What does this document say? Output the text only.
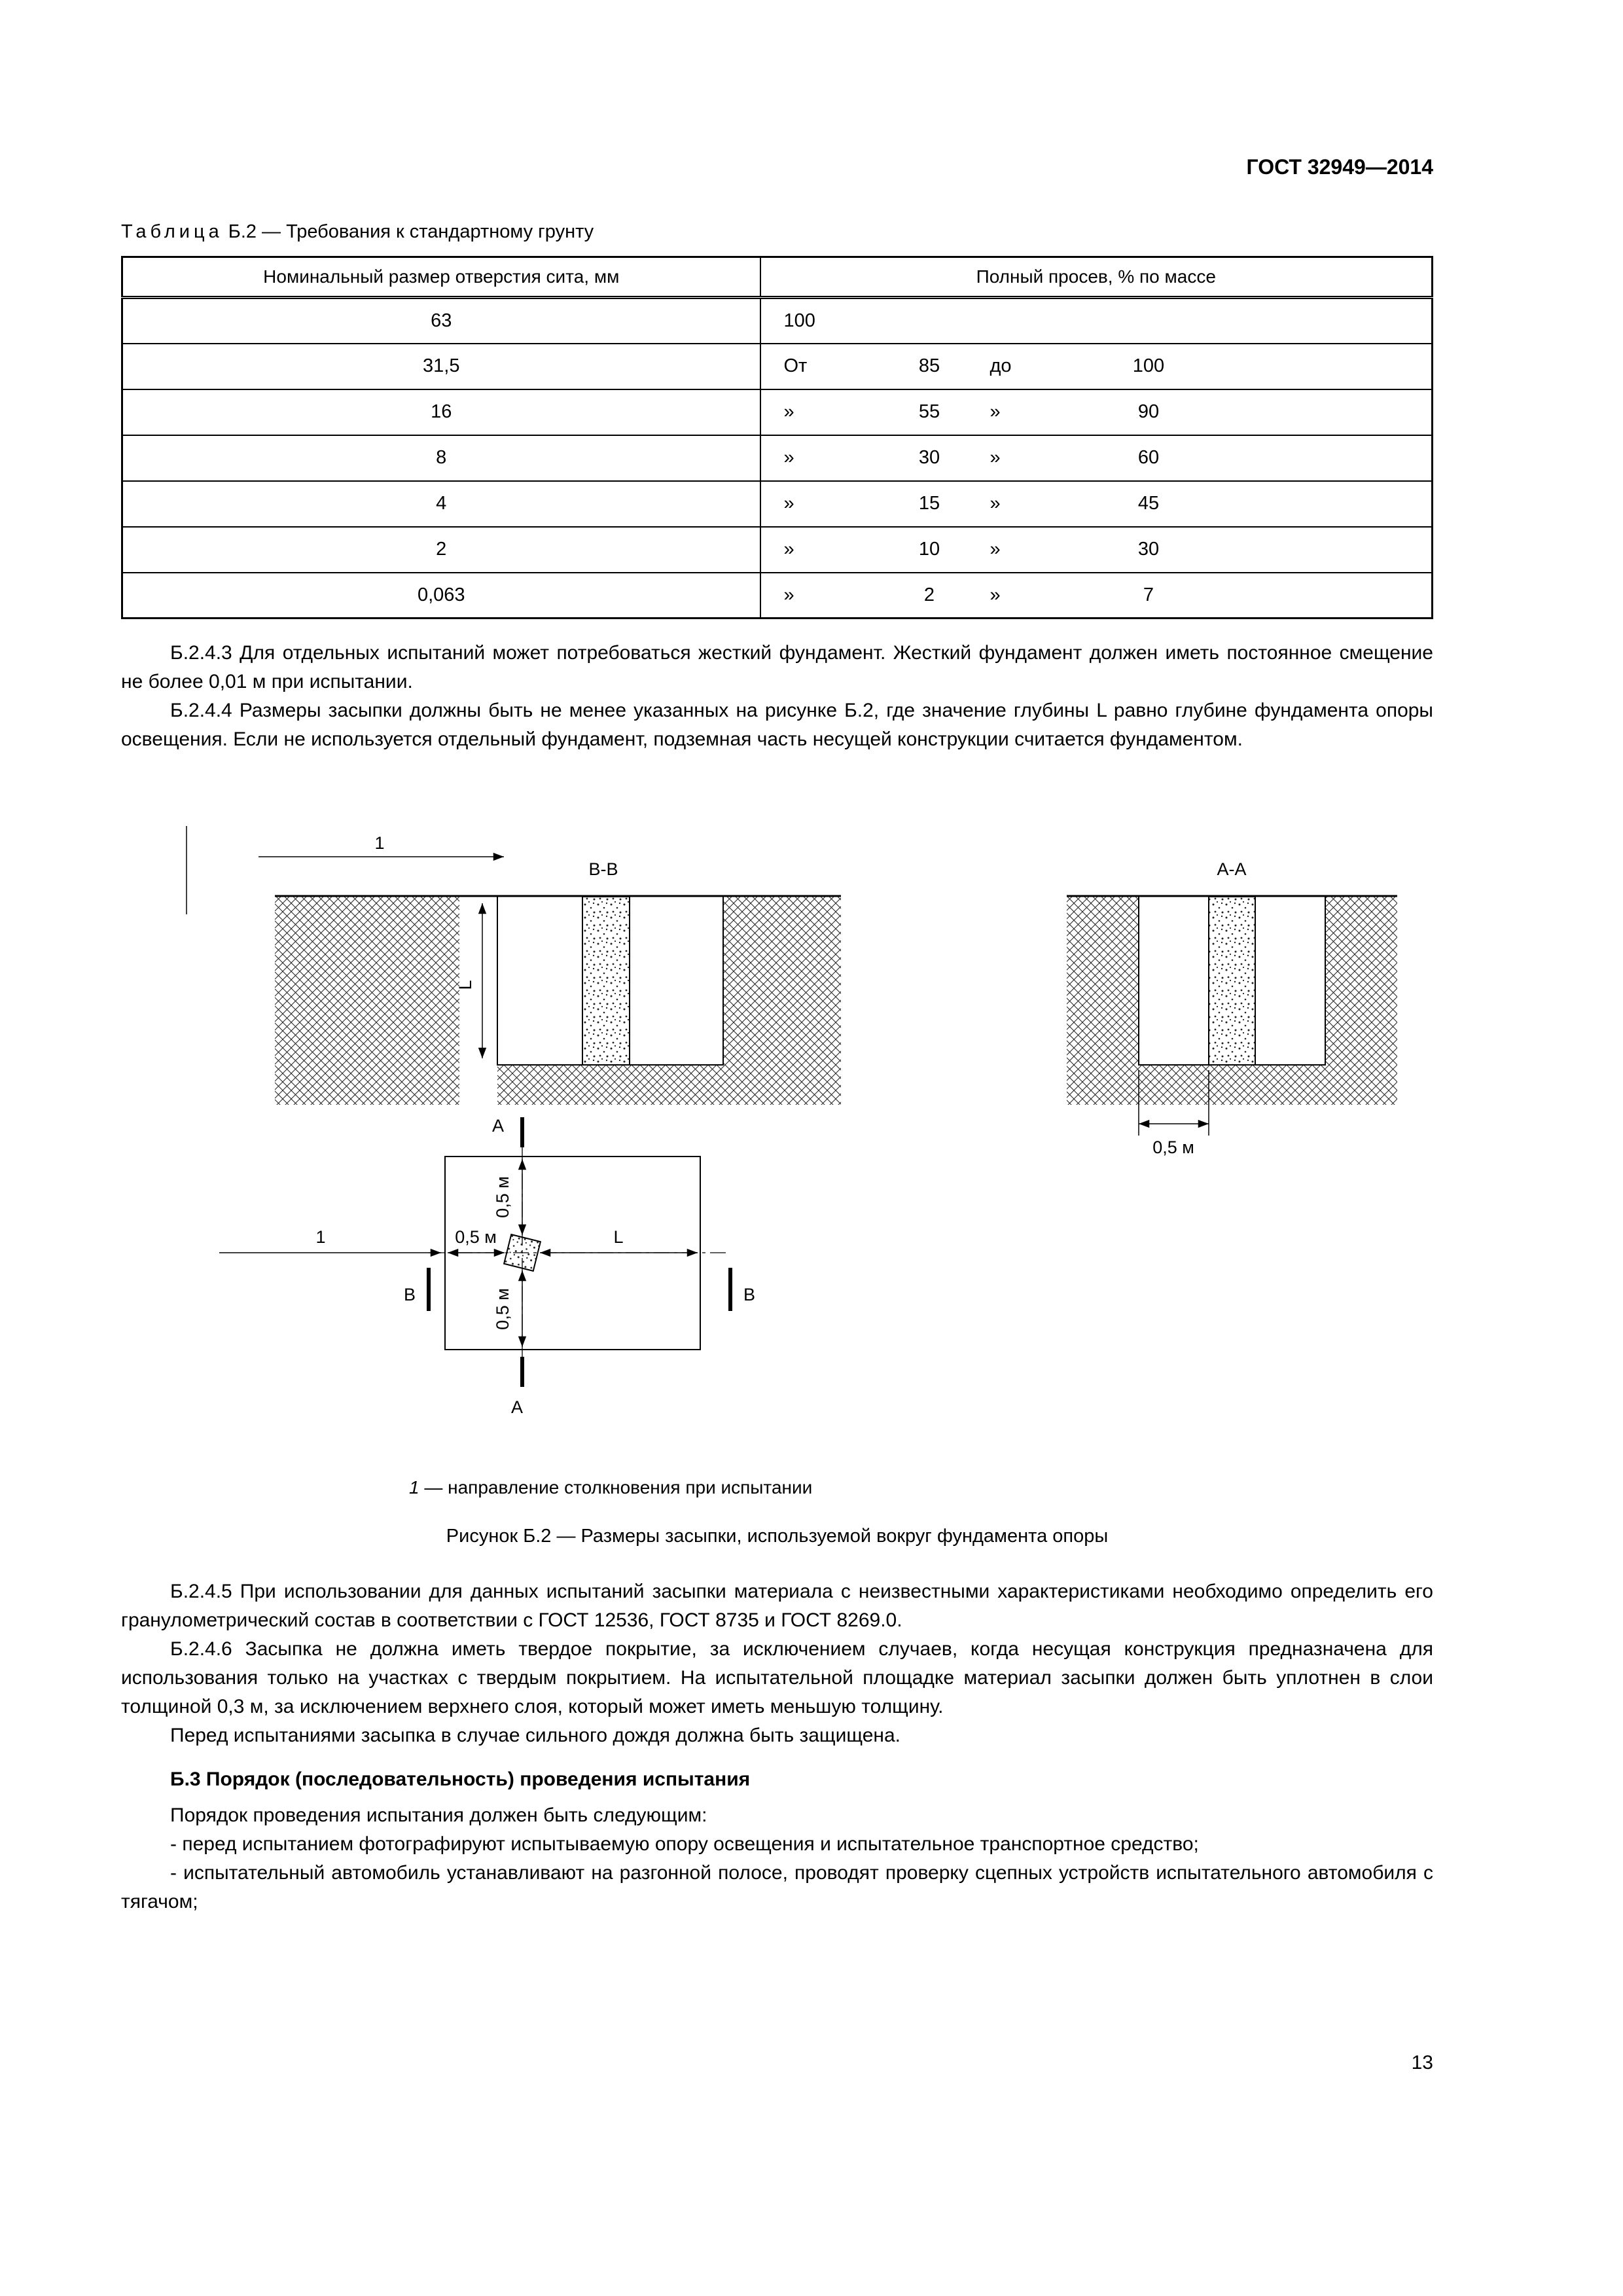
ГОСТ 32949—2014
Таблица Б.2 — Требования к стандартному грунту
Номинальный размер отверстия сита, мм	Полный просев, % по массе
63	100

31,5	От 85 до 100

16	» 55 » 90

8	» 30 » 60

4	» 15 » 45

2	» 10 » 30

0,063	» 2 » 7

Б.2.4.3 Для отдельных испытаний может потребоваться жесткий фундамент. Жесткий фундамент должен иметь постоянное смещение не более 0,01 м при испытании.

Б.2.4.4 Размеры засыпки должны быть не менее указанных на рисунке Б.2, где значение глубины L равно глубине фундамента опоры освещения. Если не используется отдельный фундамент, подземная часть несущей конструкции считается фундаментом.

1
В-В
L
А-А
0,5 м
0,5 м
0,5 м
0,5 м	L
1
А
А
В	В
1 — направление столкновения при испытании
Рисунок Б.2 — Размеры засыпки, используемой вокруг фундамента опоры

Б.2.4.5 При использовании для данных испытаний засыпки материала с неизвестными характеристиками необходимо определить его гранулометрический состав в соответствии с ГОСТ 12536, ГОСТ 8735 и ГОСТ 8269.0.

Б.2.4.6 Засыпка не должна иметь твердое покрытие, за исключением случаев, когда несущая конструкция предназначена для использования только на участках с твердым покрытием. На испытательной площадке материал засыпки должен быть уплотнен в слои толщиной 0,3 м, за исключением верхнего слоя, который может иметь меньшую толщину.

Перед испытаниями засыпка в случае сильного дождя должна быть защищена.

Б.3 Порядок (последовательность) проведения испытания

Порядок проведения испытания должен быть следующим:

- перед испытанием фотографируют испытываемую опору освещения и испытательное транспортное средство;

- испытательный автомобиль устанавливают на разгонной полосе, проводят проверку сцепных устройств испытательного автомобиля с тягачом;

13
